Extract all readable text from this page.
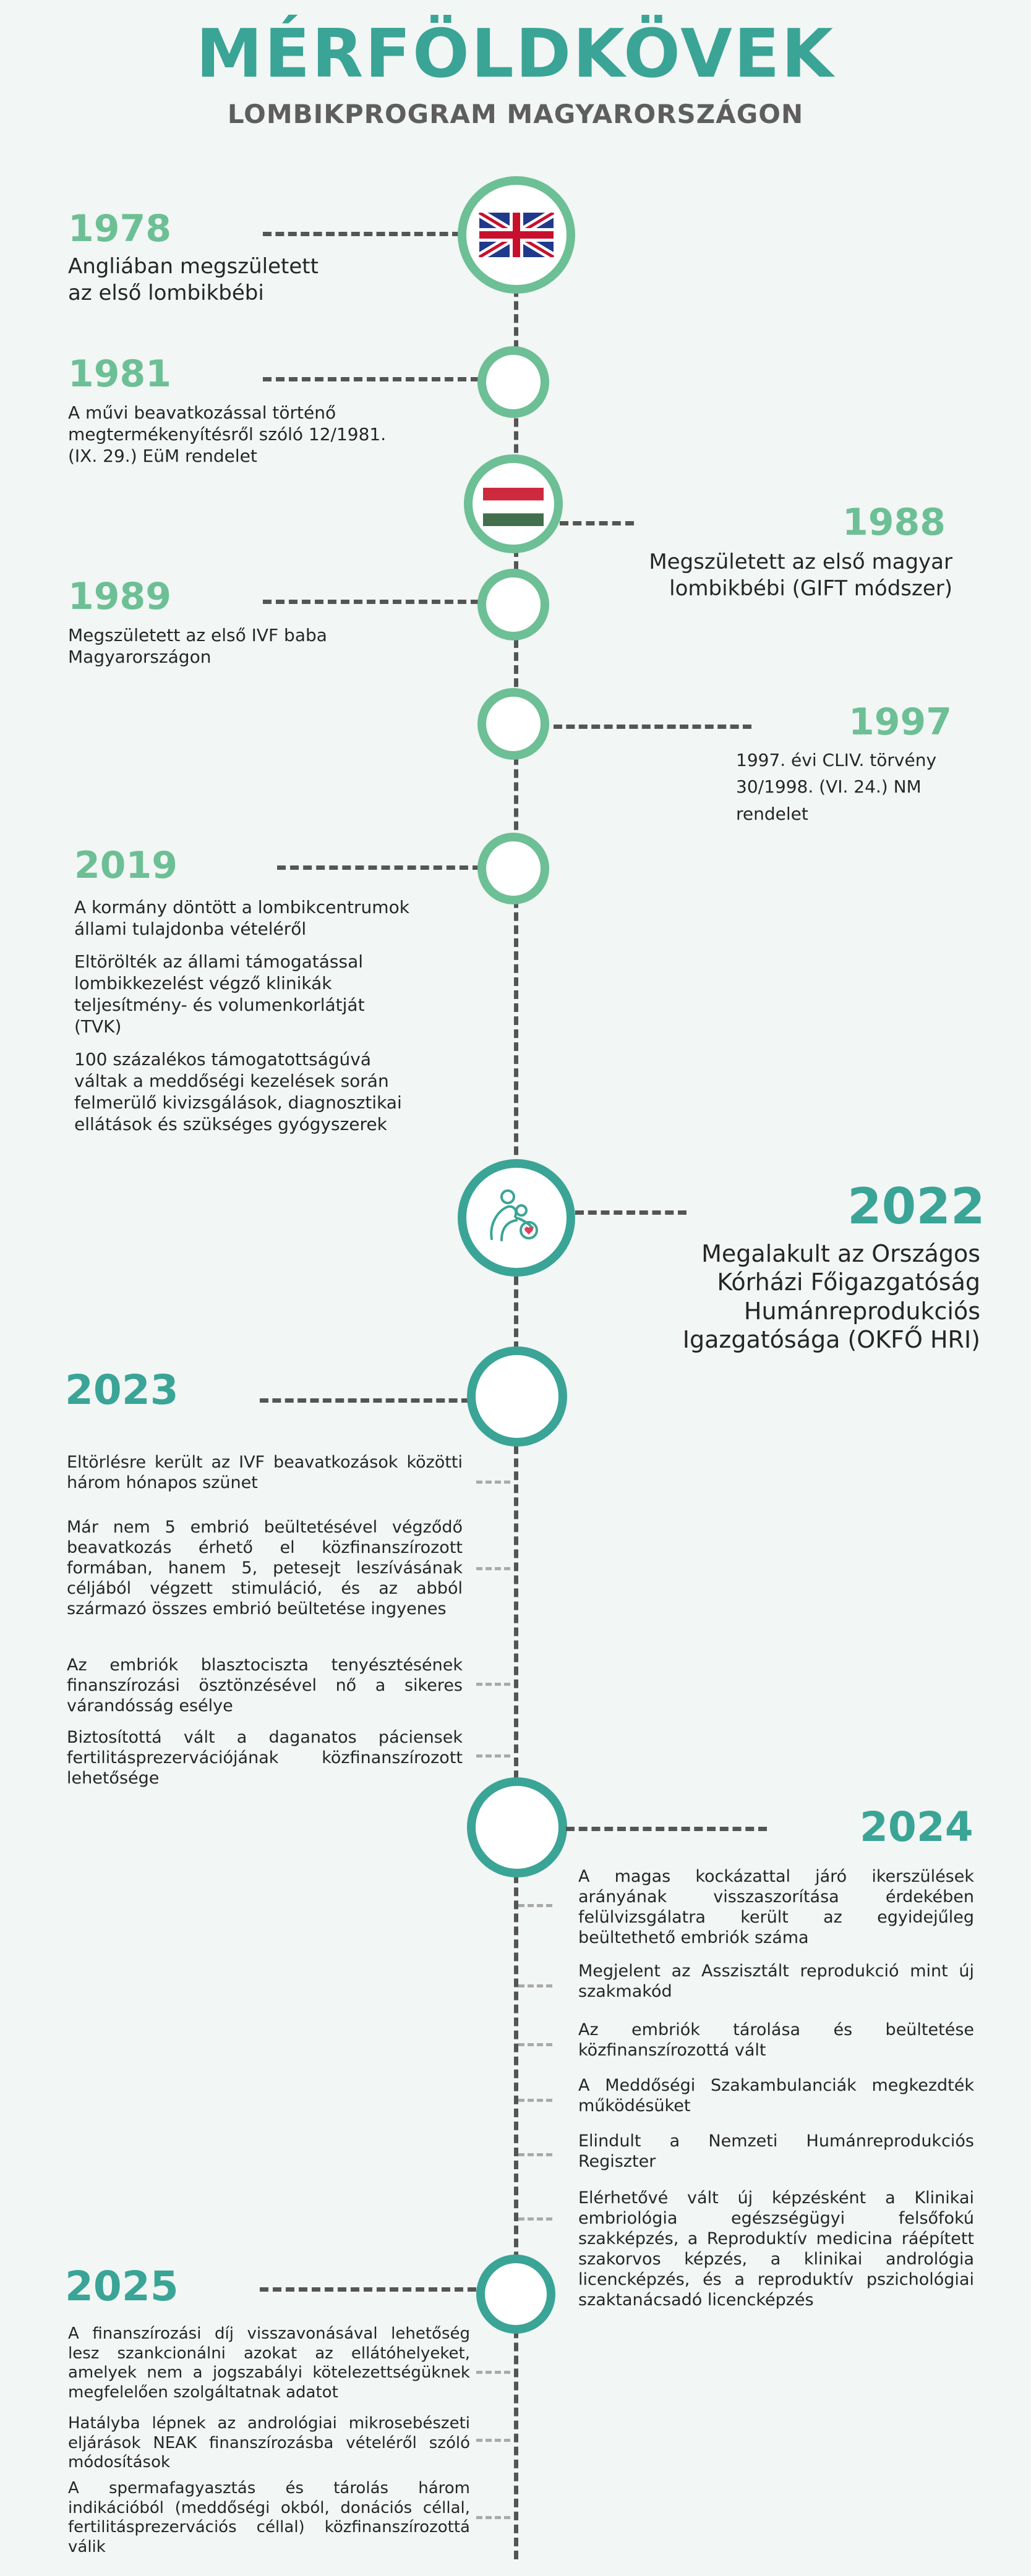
MÉRFÖLDKÖVEK
LOMBIKPROGRAM MAGYARORSZÁGON
1978
Angliában megszületett
az első lombikbébi
1981
A művi beavatkozással történő
megtermékenyítésről szóló 12/1981.
(IX. 29.) EüM rendelet
1988
Megszületett az első magyar
lombikbébi (GIFT módszer)
1989
Megszületett az első IVF baba
Magyarországon
1997
1997. évi CLIV. törvény
30/1998. (VI. 24.) NM rendelet
2019
A kormány döntött a lombikcentrumok
állami tulajdonba vételéről
Eltörölték az állami támogatással
lombikkezelést végző klinikák
teljesítmény- és volumenkorlátját
(TVK)
100 százalékos támogatottságúvá
váltak a meddőségi kezelések során
felmerülő kivizsgálások, diagnosztikai
ellátások és szükséges gyógyszerek
2022
Megalakult az Országos
Kórházi Főigazgatóság
Humánreprodukciós
Igazgatósága (OKFŐ HRI)
2023
Eltörlésre került az IVF beavatkozások közötti három hónapos szünet
Már nem 5 embrió beültetésével végződő beavatkozás érhető el közfinanszírozott formában, hanem 5, petesejt leszívásának céljából végzett stimuláció, és az abból származó összes embrió beültetése ingyenes
Az embriók blasztociszta tenyésztésének finanszírozási ösztönzésével nő a sikeres várandósság esélye
Biztosítottá vált a daganatos páciensek fertilitásprezervációjának közfinanszírozott lehetősége
2024
A magas kockázattal járó ikerszülések arányának visszaszorítása érdekében felülvizsgálatra került az egyidejűleg beültethető embriók száma
Megjelent az Asszisztált reprodukció mint új szakmakód
Az embriók tárolása és beültetése közfinanszírozottá vált
A Meddőségi Szakambulanciák megkezdték működésüket
Elindult a Nemzeti Humánreprodukciós Regiszter
Elérhetővé vált új képzésként a Klinikai embriológia egészségügyi felsőfokú szakképzés, a Reproduktív medicina ráépített szakorvos képzés, a klinikai andrológia licencképzés, és a reproduktív pszichológiai szaktanácsadó licencképzés
2025
A finanszírozási díj visszavonásával lehetőség lesz szankcionálni azokat az ellátóhelyeket, amelyek nem a jogszabályi kötelezettségüknek megfelelően szolgáltatnak adatot
Hatályba lépnek az andrológiai mikrosebészeti eljárások NEAK finanszírozásba vételéről szóló módosítások
A spermafagyasztás és tárolás három indikációból (meddőségi okból, donációs céllal, fertilitásprezervációs céllal) közfinanszírozottá válik
